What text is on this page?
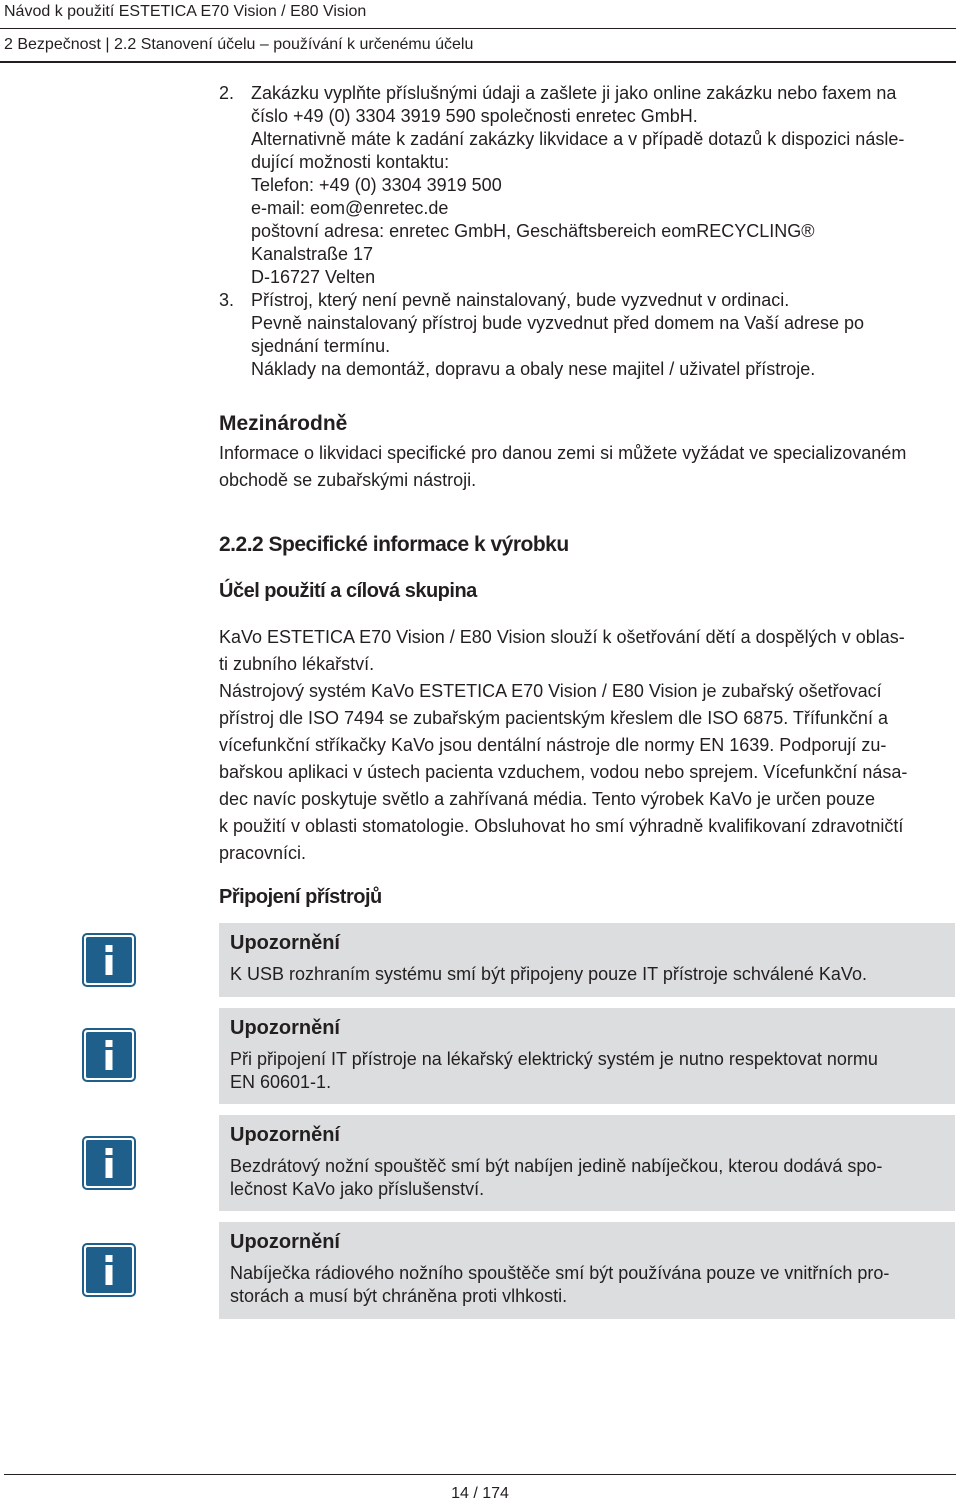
Návod k použití ESTETICA E70 Vision / E80 Vision
2 Bezpečnost | 2.2 Stanovení účelu – používání k určenému účelu
2. Zakázku vyplňte příslušnými údaji a zašlete ji jako online zakázku nebo faxem na
číslo +49 (0) 3304 3919 590 společnosti enretec GmbH.
Alternativně máte k zadání zakázky likvidace a v případě dotazů k dispozici násle-
dující možnosti kontaktu:
Telefon: +49 (0) 3304 3919 500
e-mail: eom@enretec.de
poštovní adresa: enretec GmbH, Geschäftsbereich eomRECYCLING®
Kanalstraße 17
D-16727 Velten
3. Přístroj, který není pevně nainstalovaný, bude vyzvednut v ordinaci.
Pevně nainstalovaný přístroj bude vyzvednut před domem na Vaší adrese po
sjednání termínu.
Náklady na demontáž, dopravu a obaly nese majitel / uživatel přístroje.
Mezinárodně
Informace o likvidaci specifické pro danou zemi si můžete vyžádat ve specializovaném
obchodě se zubařskými nástroji.
2.2.2 Specifické informace k výrobku
Účel použití a cílová skupina
KaVo ESTETICA E70 Vision / E80 Vision slouží k ošetřování dětí a dospělých v oblas-
ti zubního lékařství.
Nástrojový systém KaVo ESTETICA E70 Vision / E80 Vision je zubařský ošetřovací
přístroj dle ISO 7494 se zubařským pacientským křeslem dle ISO 6875. Třífunkční a
vícefunkční stříkačky KaVo jsou dentální nástroje dle normy EN 1639. Podporují zu-
bařskou aplikaci v ústech pacienta vzduchem, vodou nebo sprejem. Vícefunkční násа-
dec navíc poskytuje světlo a zahřívaná média. Tento výrobek KaVo je určen pouze
k použití v oblasti stomatologie. Obsluhovat ho smí výhradně kvalifikovaní zdravotničtí
pracovníci.
Připojení přístrojů
Upozornění
K USB rozhraním systému smí být připojeny pouze IT přístroje schválené KaVo.
Upozornění
Při připojení IT přístroje na lékařský elektrický systém je nutno respektovat normu
EN 60601-1.
Upozornění
Bezdrátový nožní spouštěč smí být nabíjen jedině nabíječkou, kterou dodává spo-
lečnost KaVo jako příslušenství.
Upozornění
Nabíječka rádiového nožního spouštěče smí být používána pouze ve vnitřních pro-
storách a musí být chráněna proti vlhkosti.
14 / 174
